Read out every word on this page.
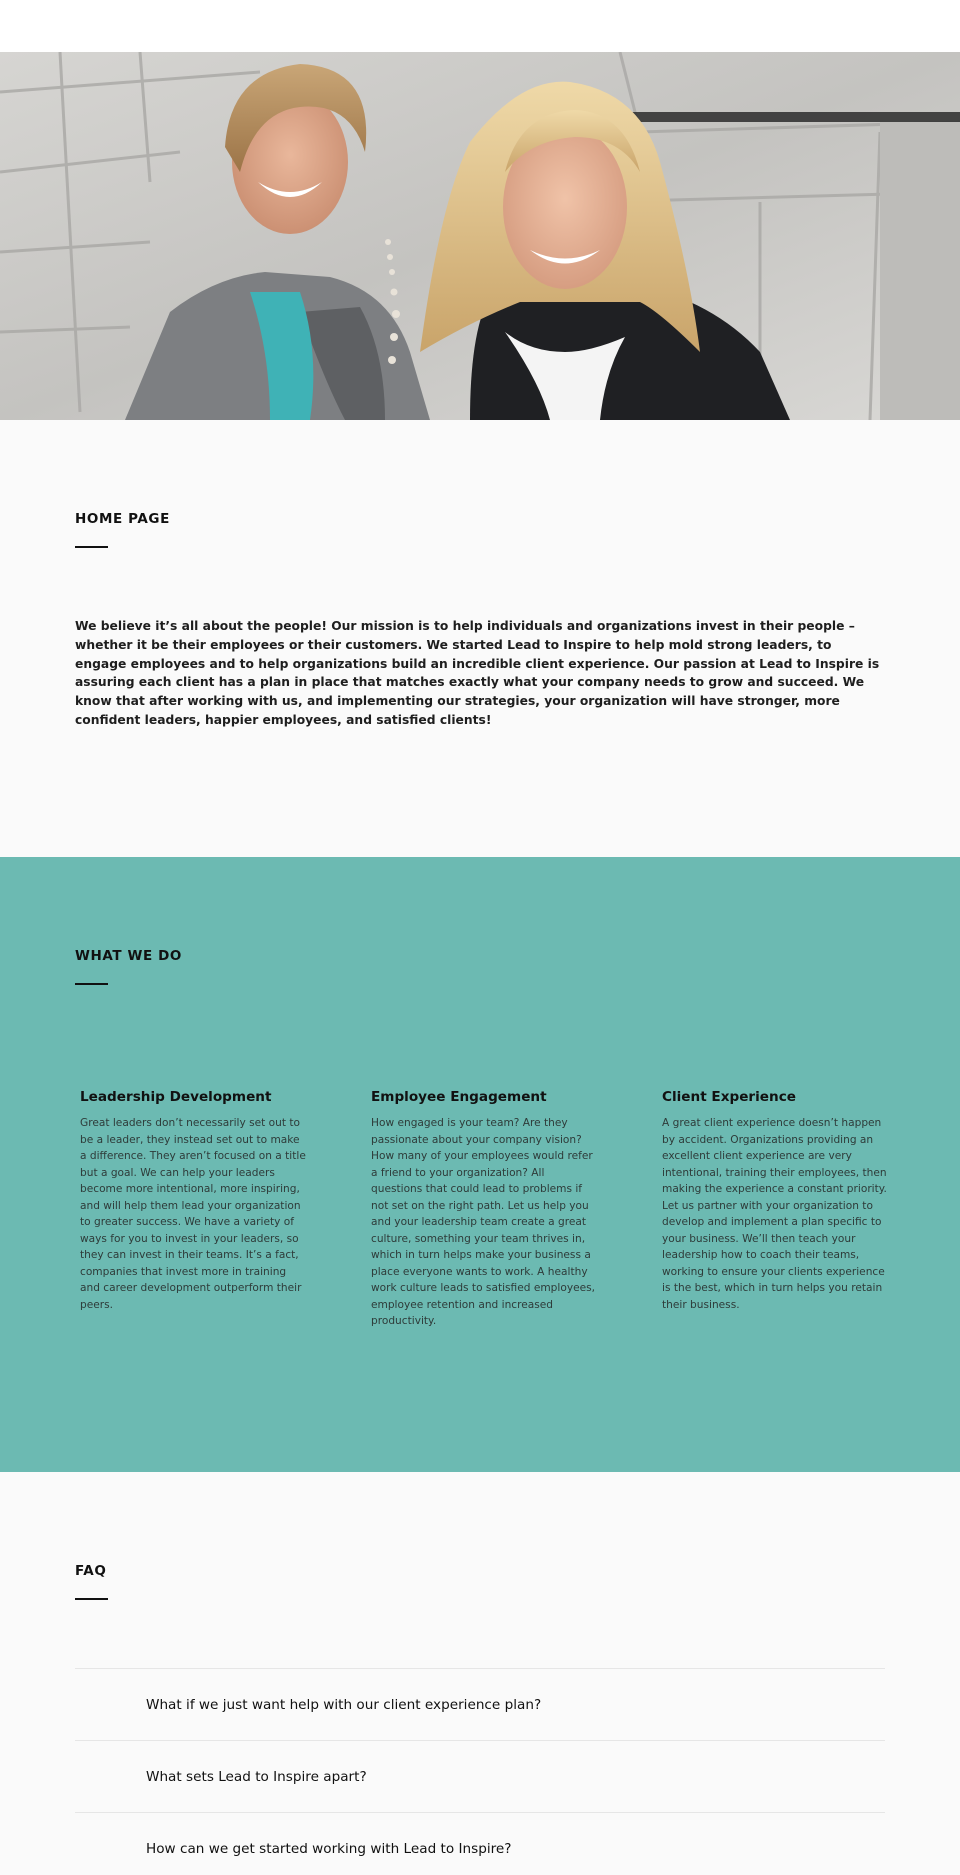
HOME PAGE

We believe it’s all about the people! Our mission is to help individuals and organizations invest in their people – whether it be their employees or their customers. We started Lead to Inspire to help mold strong leaders, to engage employees and to help organizations build an incredible client experience. Our passion at Lead to Inspire is assuring each client has a plan in place that matches exactly what your company needs to grow and succeed. We know that after working with us, and implementing our strategies, your organization will have stronger, more confident leaders, happier employees, and satisfied clients!

WHAT WE DO
Leadership Development

Great leaders don’t necessarily set out to be a leader, they instead set out to make a difference. They aren’t focused on a title but a goal. We can help your leaders become more intentional, more inspiring, and will help them lead your organization to greater success. We have a variety of ways for you to invest in your leaders, so they can invest in their teams. It’s a fact, companies that invest more in training and career development outperform their peers.

Employee Engagement

How engaged is your team? Are they passionate about your company vision? How many of your employees would refer a friend to your organization? All questions that could lead to problems if not set on the right path. Let us help you and your leadership team create a great culture, something your team thrives in, which in turn helps make your business a place everyone wants to work. A healthy work culture leads to satisfied employees, employee retention and increased productivity.

Client Experience

A great client experience doesn’t happen by accident. Organizations providing an excellent client experience are very intentional, training their employees, then making the experience a constant priority. Let us partner with your organization to develop and implement a plan specific to your business. We’ll then teach your leadership how to coach their teams, working to ensure your clients experience is the best, which in turn helps you retain their business.

FAQ
What if we just want help with our client experience plan?
What sets Lead to Inspire apart?
How can we get started working with Lead to Inspire?
